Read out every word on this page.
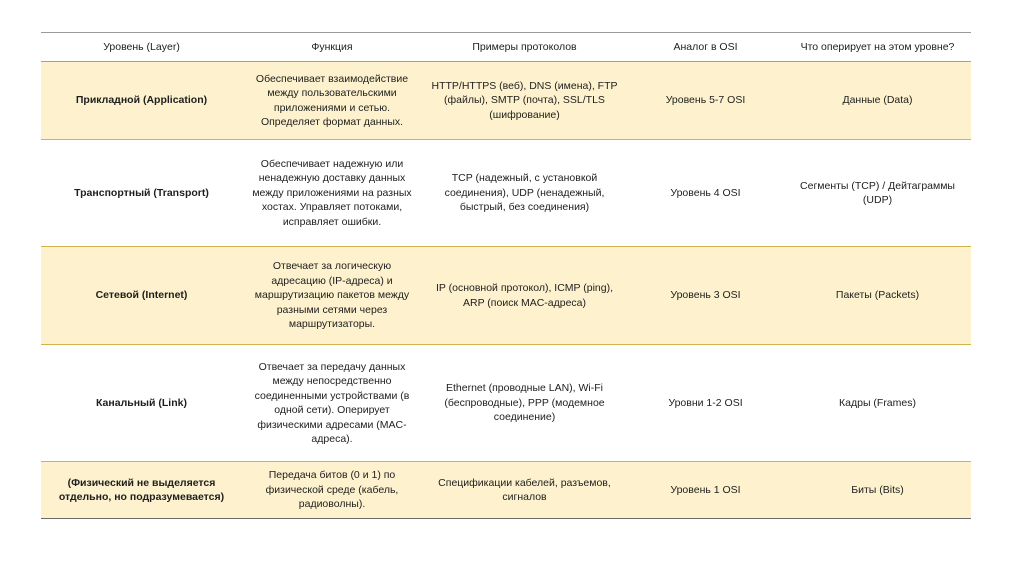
Уровень (Layer)	Функция	Примеры протоколов	Аналог в OSI	Что оперирует на этом уровне?
Прикладной (Application)	Обеспечивает взаимодействие между пользовательскими приложениями и сетью. Определяет формат данных.	HTTP/HTTPS (веб), DNS (имена), FTP (файлы), SMTP (почта), SSL/TLS (шифрование)	Уровень 5-7 OSI	Данные (Data)
Транспортный (Transport)	Обеспечивает надежную или ненадежную доставку данных между приложениями на разных хостах. Управляет потоками, исправляет ошибки.	TCP (надежный, с установкой соединения), UDP (ненадежный, быстрый, без соединения)	Уровень 4 OSI	Сегменты (TCP) / Дейтаграммы (UDP)
Сетевой (Internet)	Отвечает за логическую адресацию (IP-адреса) и маршрутизацию пакетов между разными сетями через маршрутизаторы.	IP (основной протокол), ICMP (ping), ARP (поиск MAC-адреса)	Уровень 3 OSI	Пакеты (Packets)
Канальный (Link)	Отвечает за передачу данных между непосредственно соединенными устройствами (в одной сети). Оперирует физическими адресами (MAC-адреса).	Ethernet (проводные LAN), Wi-Fi (беспроводные), PPP (модемное соединение)	Уровни 1-2 OSI	Кадры (Frames)
(Физический не выделяется отдельно, но подразумевается)	Передача битов (0 и 1) по физической среде (кабель, радиоволны).	Спецификации кабелей, разъемов, сигналов	Уровень 1 OSI	Биты (Bits)
